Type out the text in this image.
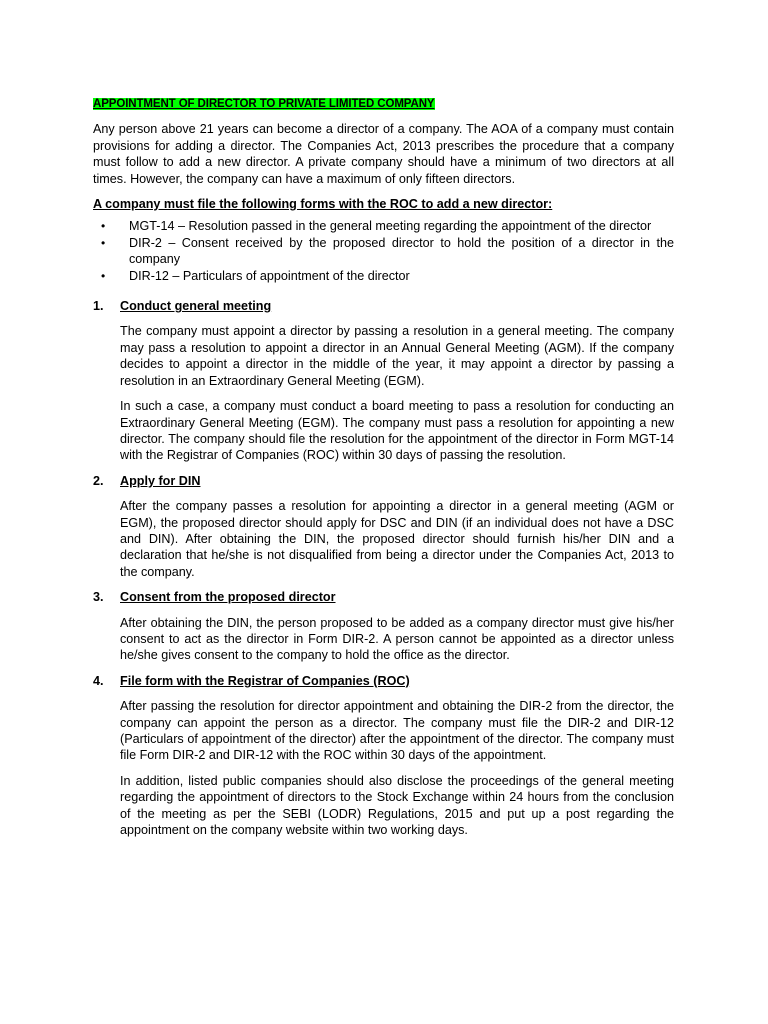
APPOINTMENT OF DIRECTOR TO PRIVATE LIMITED COMPANY

Any person above 21 years can become a director of a company. The AOA of a company must contain provisions for adding a director. The Companies Act, 2013 prescribes the procedure that a company must follow to add a new director. A private company should have a minimum of two directors at all times. However, the company can have a maximum of only fifteen directors.

A company must file the following forms with the ROC to add a new director:
• MGT-14 – Resolution passed in the general meeting regarding the appointment of the director
• DIR-2 – Consent received by the proposed director to hold the position of a director in the company
• DIR-12 – Particulars of appointment of the director
1. Conduct general meeting

The company must appoint a director by passing a resolution in a general meeting. The company may pass a resolution to appoint a director in an Annual General Meeting (AGM). If the company decides to appoint a director in the middle of the year, it may appoint a director by passing a resolution in an Extraordinary General Meeting (EGM).

In such a case, a company must conduct a board meeting to pass a resolution for conducting an Extraordinary General Meeting (EGM). The company must pass a resolution for appointing a new director. The company should file the resolution for the appointment of the director in Form MGT-14 with the Registrar of Companies (ROC) within 30 days of passing the resolution.

2. Apply for DIN

After the company passes a resolution for appointing a director in a general meeting (AGM or EGM), the proposed director should apply for DSC and DIN (if an individual does not have a DSC and DIN). After obtaining the DIN, the proposed director should furnish his/her DIN and a declaration that he/she is not disqualified from being a director under the Companies Act, 2013 to the company.

3. Consent from the proposed director

After obtaining the DIN, the person proposed to be added as a company director must give his/her consent to act as the director in Form DIR-2. A person cannot be appointed as a director unless he/she gives consent to the company to hold the office as the director.

4. File form with the Registrar of Companies (ROC)

After passing the resolution for director appointment and obtaining the DIR-2 from the director, the company can appoint the person as a director. The company must file the DIR-2 and DIR-12 (Particulars of appointment of the director) after the appointment of the director. The company must file Form DIR-2 and DIR-12 with the ROC within 30 days of the appointment.

In addition, listed public companies should also disclose the proceedings of the general meeting regarding the appointment of directors to the Stock Exchange within 24 hours from the conclusion of the meeting as per the SEBI (LODR) Regulations, 2015 and put up a post regarding the appointment on the company website within two working days.
